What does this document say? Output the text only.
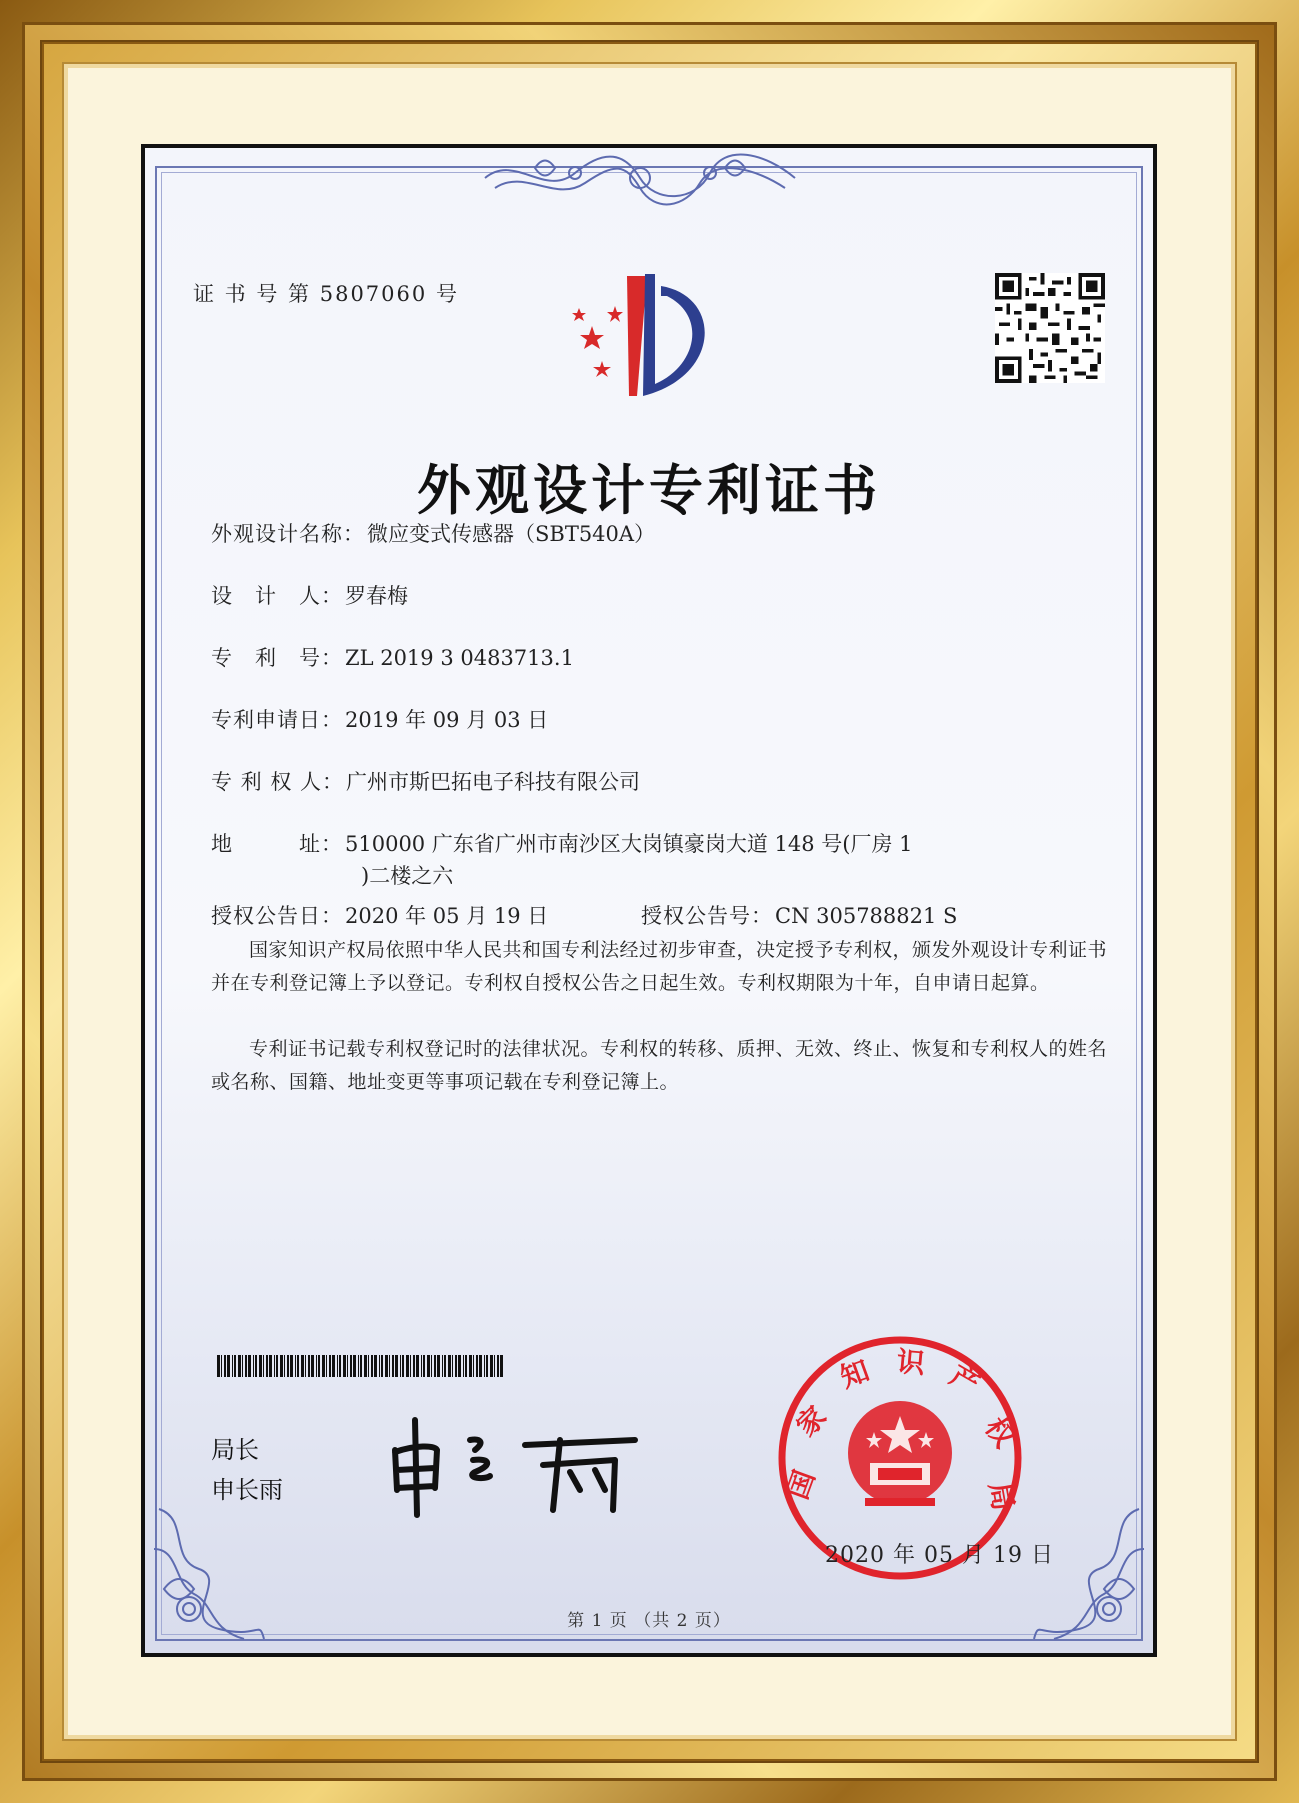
证 书 号 第 5807060 号
外观设计专利证书
外观设计名称：微应变式传感器（SBT540A）
设　计　人：罗春梅
专　利　号：ZL 2019 3 0483713.1
专利申请日：2019 年 09 月 03 日
专 利 权 人：广州市斯巴拓电子科技有限公司
地　　　址：510000 广东省广州市南沙区大岗镇豪岗大道 148 号(厂房 1
)二楼之六
授权公告日：2020 年 05 月 19 日	授权公告号：CN 305788821 S
国家知识产权局依照中华人民共和国专利法经过初步审查，决定授予专利权，颁发外观设计专利证书并在专利登记簿上予以登记。专利权自授权公告之日起生效。专利权期限为十年，自申请日起算。
专利证书记载专利权登记时的法律状况。专利权的转移、质押、无效、终止、恢复和专利权人的姓名或名称、国籍、地址变更等事项记载在专利登记簿上。
局长
申长雨	国
家
知 识 产
权
局
2020 年 05 月 19 日
第 1 页 （共 2 页）
